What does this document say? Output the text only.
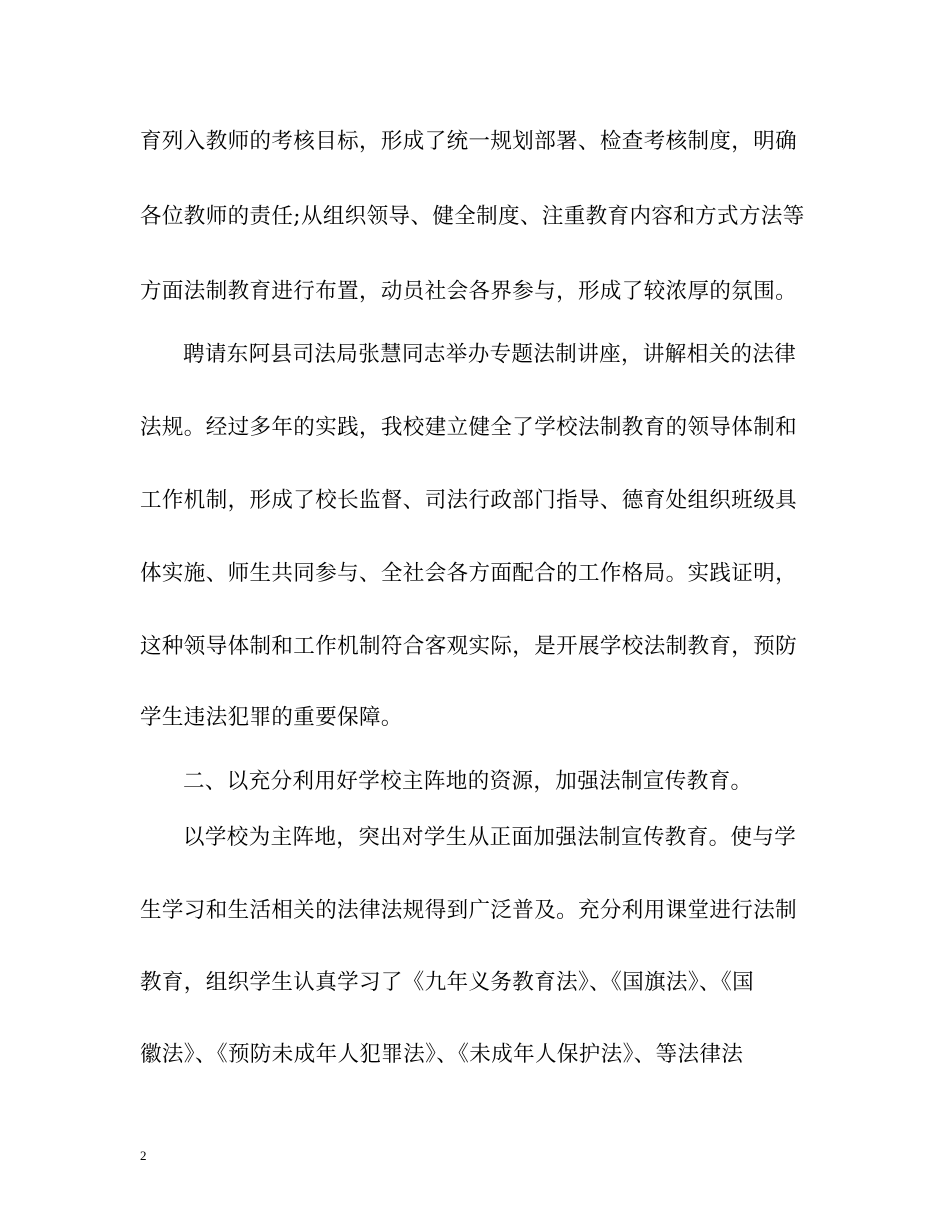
育列入教师的考核目标，形成了统一规划部署、检查考核制度，明确
各位教师的责任;从组织领导、健全制度、注重教育内容和方式方法等
方面法制教育进行布置，动员社会各界参与，形成了较浓厚的氛围。
聘请东阿县司法局张慧同志举办专题法制讲座，讲解相关的法律
法规。经过多年的实践，我校建立健全了学校法制教育的领导体制和
工作机制，形成了校长监督、司法行政部门指导、德育处组织班级具
体实施、师生共同参与、全社会各方面配合的工作格局。实践证明，
这种领导体制和工作机制符合客观实际，是开展学校法制教育，预防
学生违法犯罪的重要保障。
二、以充分利用好学校主阵地的资源，加强法制宣传教育。
以学校为主阵地，突出对学生从正面加强法制宣传教育。使与学
生学习和生活相关的法律法规得到广泛普及。充分利用课堂进行法制
教育，组织学生认真学习了《九年义务教育法》、《国旗法》、《国
徽法》、《预防未成年人犯罪法》、《未成年人保护法》、等法律法
2
